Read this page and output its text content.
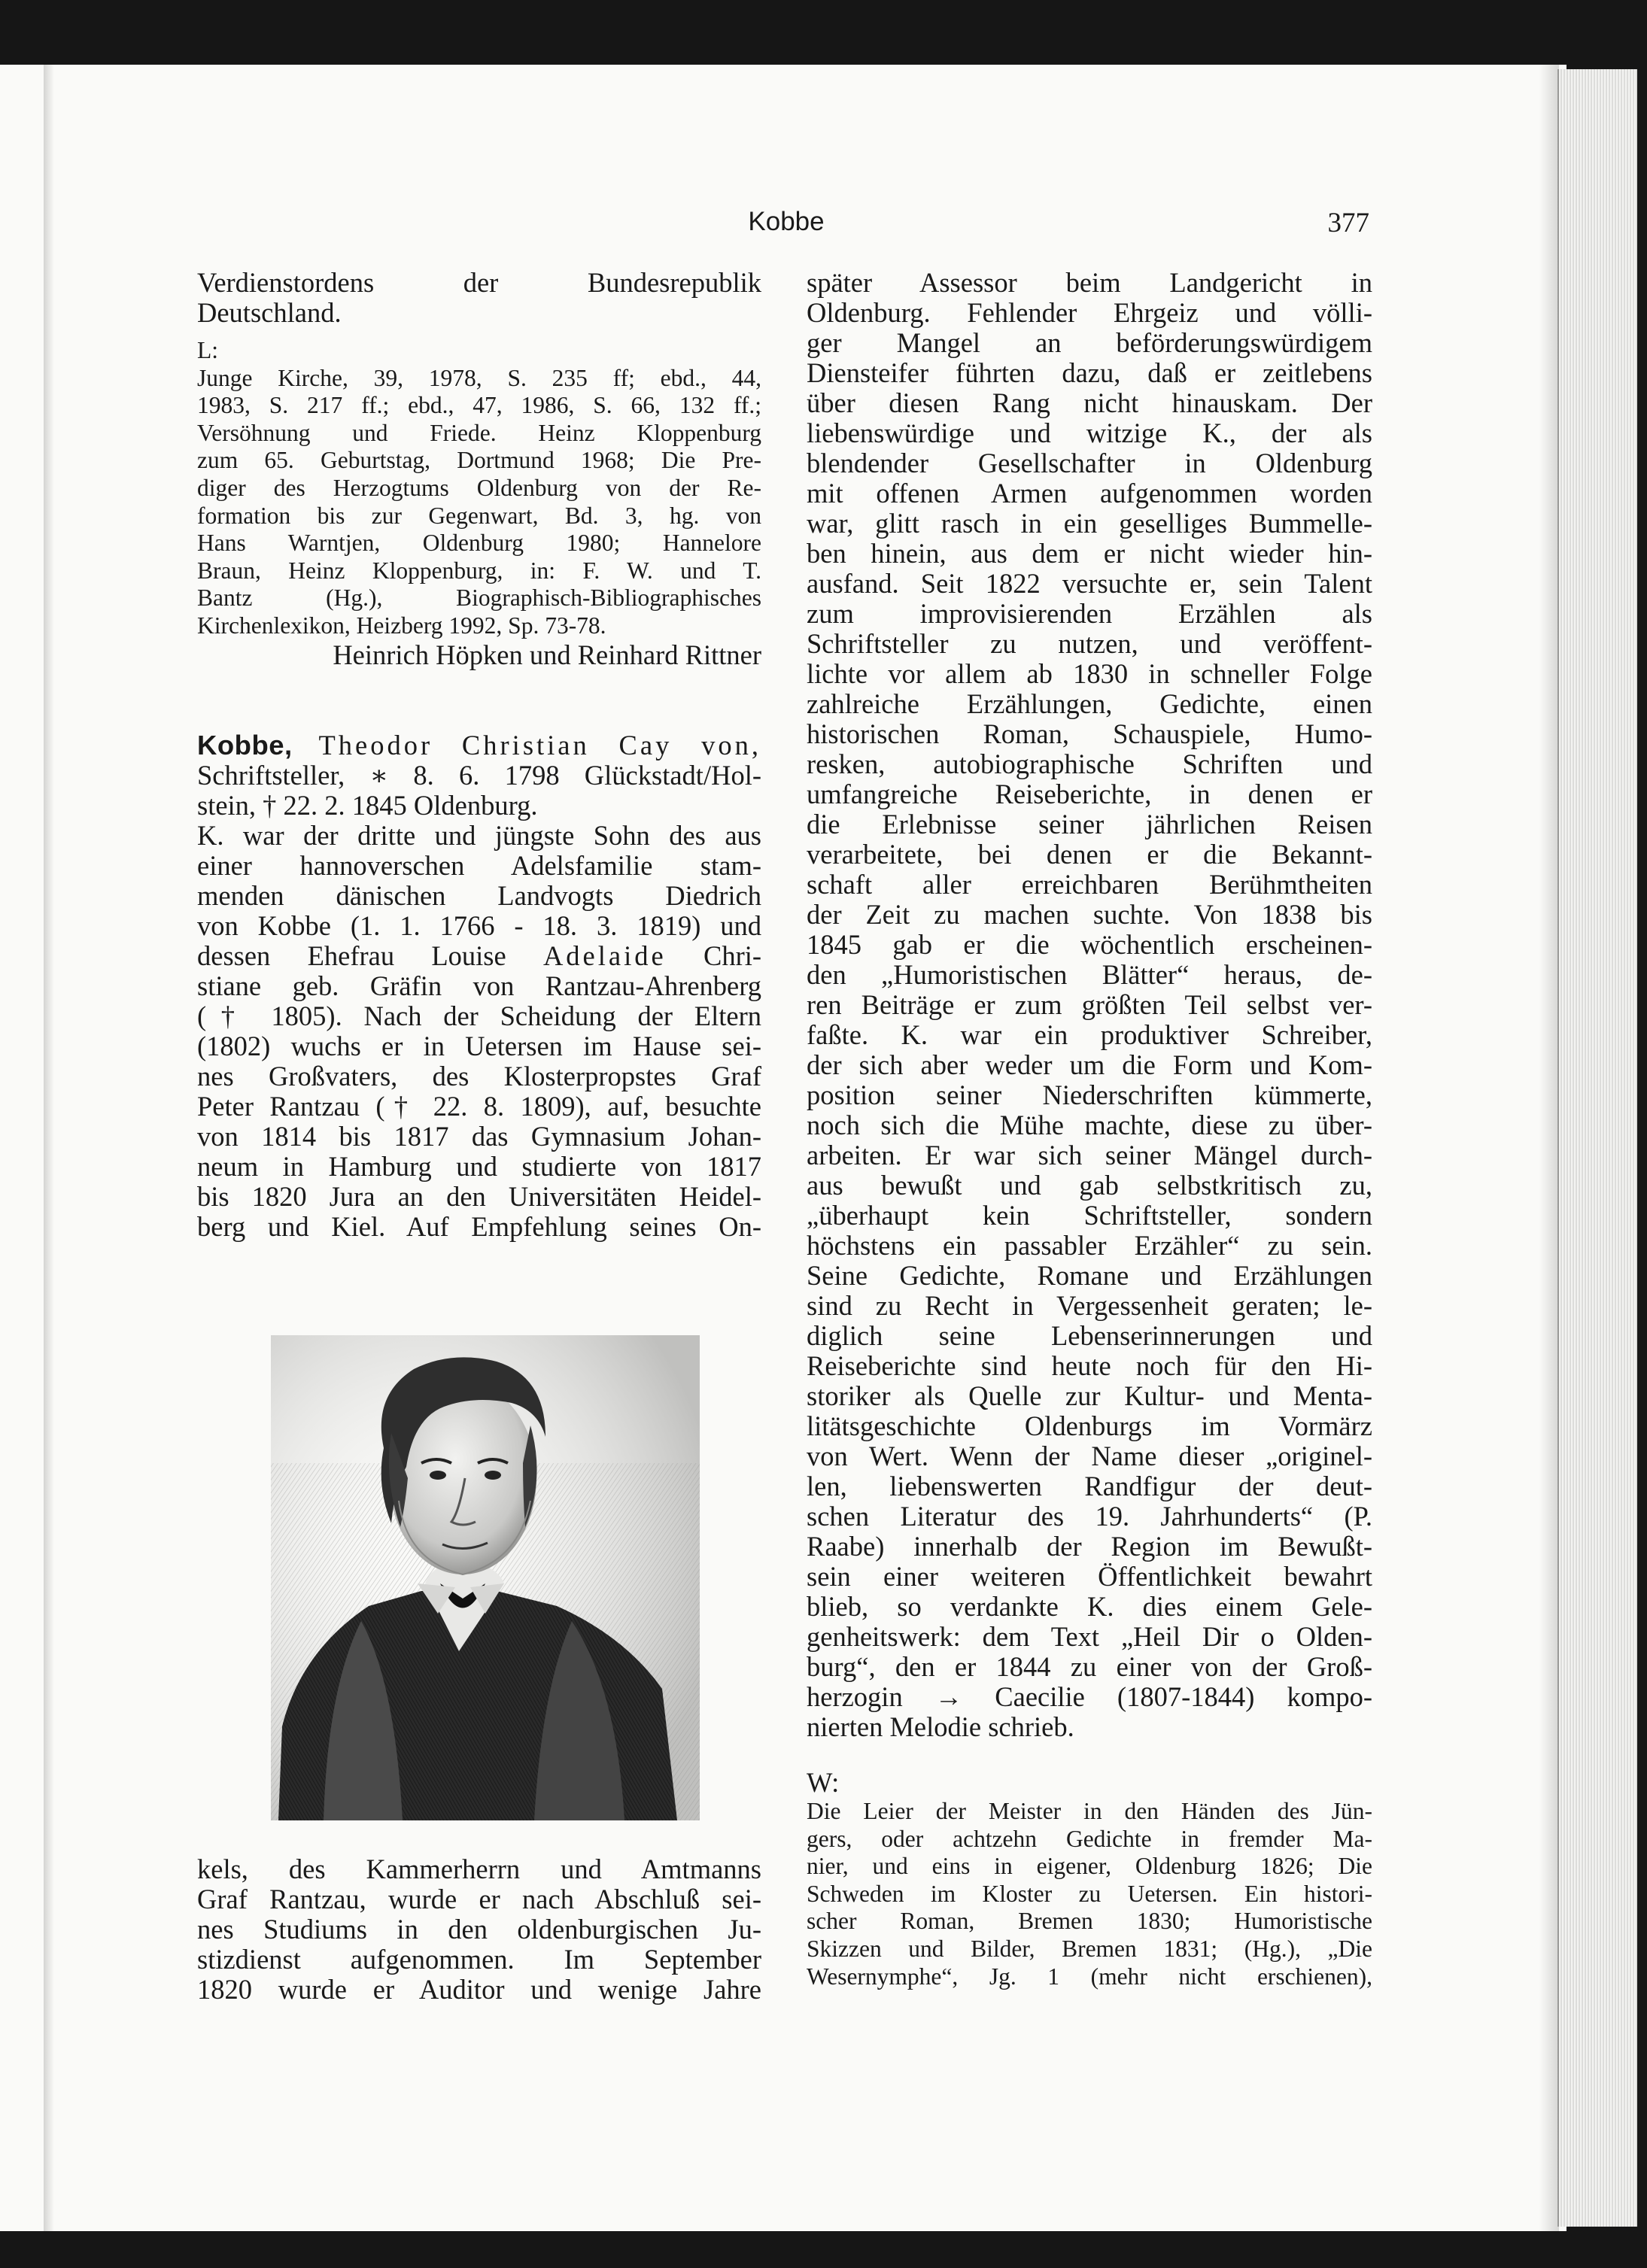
Kobbe	377
Verdienstordens der Bundesrepublik
Deutschland.
L:
Junge Kirche, 39, 1978, S. 235 ff; ebd., 44,
1983, S. 217 ff.; ebd., 47, 1986, S. 66, 132 ff.;
Versöhnung und Friede. Heinz Kloppenburg
zum 65. Geburtstag, Dortmund 1968; Die Pre-
diger des Herzogtums Oldenburg von der Re-
formation bis zur Gegenwart, Bd. 3, hg. von
Hans Warntjen, Oldenburg 1980; Hannelore
Braun, Heinz Kloppenburg, in: F. W. und T.
Bantz (Hg.), Biographisch-Bibliographisches
Kirchenlexikon, Heizberg 1992, Sp. 73-78.
Heinrich Höpken und Reinhard Rittner
Kobbe, Theodor Christian Cay von,
Schriftsteller, ∗ 8. 6. 1798 Glückstadt/Hol-
stein, † 22. 2. 1845 Oldenburg.
K. war der dritte und jüngste Sohn des aus
einer hannoverschen Adelsfamilie stam-
menden dänischen Landvogts Diedrich
von Kobbe (1. 1. 1766 - 18. 3. 1819) und
dessen Ehefrau Louise Adelaide Chri-
stiane geb. Gräfin von Rantzau-Ahrenberg
(† 1805). Nach der Scheidung der Eltern
(1802) wuchs er in Uetersen im Hause sei-
nes Großvaters, des Klosterpropstes Graf
Peter Rantzau († 22. 8. 1809), auf, besuchte
von 1814 bis 1817 das Gymnasium Johan-
neum in Hamburg und studierte von 1817
bis 1820 Jura an den Universitäten Heidel-
berg und Kiel. Auf Empfehlung seines On-
kels, des Kammerherrn und Amtmanns
Graf Rantzau, wurde er nach Abschluß sei-
nes Studiums in den oldenburgischen Ju-
stizdienst aufgenommen. Im September
1820 wurde er Auditor und wenige Jahre
später Assessor beim Landgericht in
Oldenburg. Fehlender Ehrgeiz und völli-
ger Mangel an beförderungswürdigem
Diensteifer führten dazu, daß er zeitlebens
über diesen Rang nicht hinauskam. Der
liebenswürdige und witzige K., der als
blendender Gesellschafter in Oldenburg
mit offenen Armen aufgenommen worden
war, glitt rasch in ein geselliges Bummelle-
ben hinein, aus dem er nicht wieder hin-
ausfand. Seit 1822 versuchte er, sein Talent
zum improvisierenden Erzählen als
Schriftsteller zu nutzen, und veröffent-
lichte vor allem ab 1830 in schneller Folge
zahlreiche Erzählungen, Gedichte, einen
historischen Roman, Schauspiele, Humo-
resken, autobiographische Schriften und
umfangreiche Reiseberichte, in denen er
die Erlebnisse seiner jährlichen Reisen
verarbeitete, bei denen er die Bekannt-
schaft aller erreichbaren Berühmtheiten
der Zeit zu machen suchte. Von 1838 bis
1845 gab er die wöchentlich erscheinen-
den „Humoristischen Blätter“ heraus, de-
ren Beiträge er zum größten Teil selbst ver-
faßte. K. war ein produktiver Schreiber,
der sich aber weder um die Form und Kom-
position seiner Niederschriften kümmerte,
noch sich die Mühe machte, diese zu über-
arbeiten. Er war sich seiner Mängel durch-
aus bewußt und gab selbstkritisch zu,
„überhaupt kein Schriftsteller, sondern
höchstens ein passabler Erzähler“ zu sein.
Seine Gedichte, Romane und Erzählungen
sind zu Recht in Vergessenheit geraten; le-
diglich seine Lebenserinnerungen und
Reiseberichte sind heute noch für den Hi-
storiker als Quelle zur Kultur- und Menta-
litätsgeschichte Oldenburgs im Vormärz
von Wert. Wenn der Name dieser „originel-
len, liebenswerten Randfigur der deut-
schen Literatur des 19. Jahrhunderts“ (P.
Raabe) innerhalb der Region im Bewußt-
sein einer weiteren Öffentlichkeit bewahrt
blieb, so verdankte K. dies einem Gele-
genheitswerk: dem Text „Heil Dir o Olden-
burg“, den er 1844 zu einer von der Groß-
herzogin → Caecilie (1807-1844) kompo-
nierten Melodie schrieb.
W:
Die Leier der Meister in den Händen des Jün-
gers, oder achtzehn Gedichte in fremder Ma-
nier, und eins in eigener, Oldenburg 1826; Die
Schweden im Kloster zu Uetersen. Ein histori-
scher Roman, Bremen 1830; Humoristische
Skizzen und Bilder, Bremen 1831; (Hg.), „Die
Wesernymphe“, Jg. 1 (mehr nicht erschienen),
